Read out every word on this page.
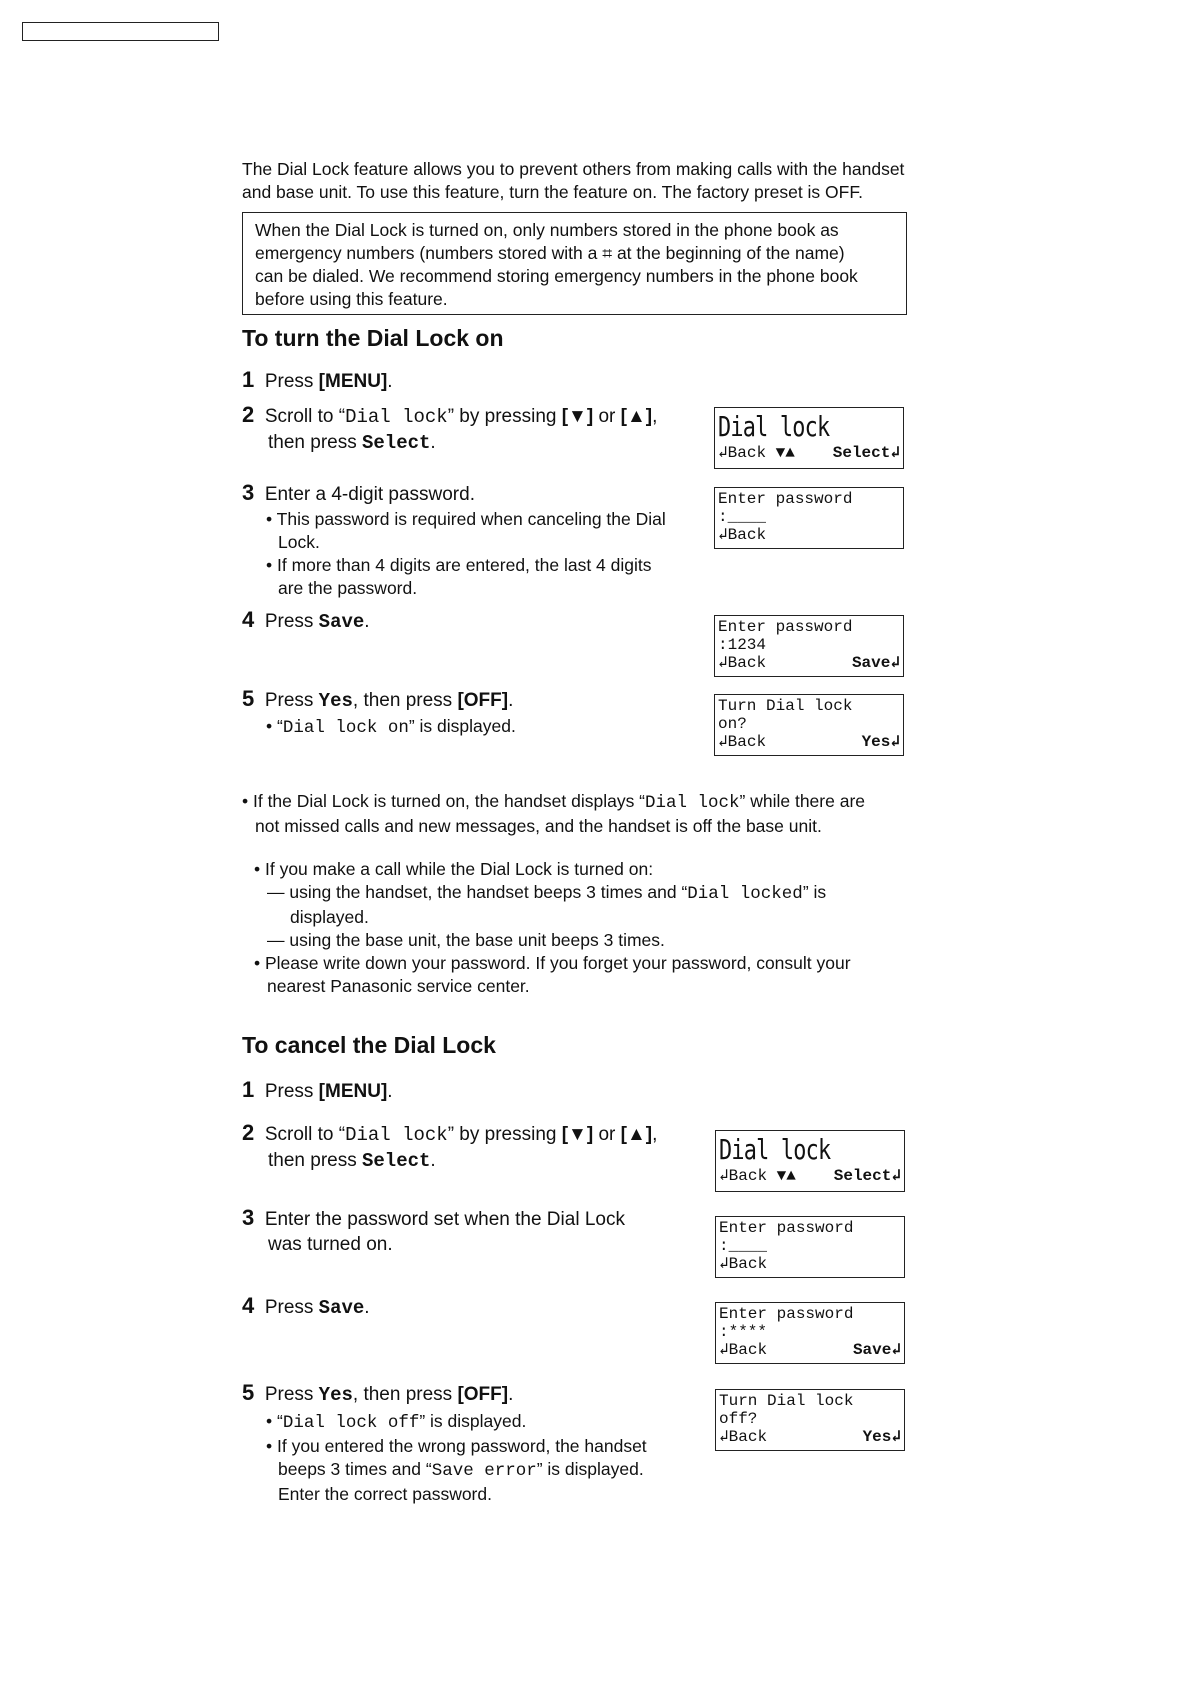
The Dial Lock feature allows you to prevent others from making calls with the handset
and base unit. To use this feature, turn the feature on. The factory preset is OFF.
When the Dial Lock is turned on, only numbers stored in the phone book as
emergency numbers (numbers stored with a ⌗ at the beginning of the name)
can be dialed. We recommend storing emergency numbers in the phone book
before using this feature.
To turn the Dial Lock on
1 Press [MENU].
2 Scroll to “Dial lock” by pressing [▼] or [▲],
then press Select.
3 Enter a 4-digit password.
• This password is required when canceling the Dial
Lock.
• If more than 4 digits are entered, the last 4 digits
are the password.
4 Press Save.
5 Press Yes, then press [OFF].
• “Dial lock on” is displayed.
Dial lock
↲Back ▼▲ Select↲
Enter password
:____
↲Back
Enter password
:1234
↲Back	Save↲
Turn Dial lock
on?
↲Back	Yes↲
• If the Dial Lock is turned on, the handset displays “Dial lock” while there are
not missed calls and new messages, and the handset is off the base unit.
• If you make a call while the Dial Lock is turned on:
— using the handset, the handset beeps 3 times and “Dial locked” is
displayed.
— using the base unit, the base unit beeps 3 times.
• Please write down your password. If you forget your password, consult your
nearest Panasonic service center.
To cancel the Dial Lock
1 Press [MENU].
2 Scroll to “Dial lock” by pressing [▼] or [▲],
then press Select.
3 Enter the password set when the Dial Lock
was turned on.
4 Press Save.
5 Press Yes, then press [OFF].
• “Dial lock off” is displayed.
• If you entered the wrong password, the handset
beeps 3 times and “Save error” is displayed.
Enter the correct password.
Dial lock
↲Back ▼▲ Select↲
Enter password
:____
↲Back
Enter password
:****
↲Back	Save↲
Turn Dial lock
off?
↲Back	Yes↲
